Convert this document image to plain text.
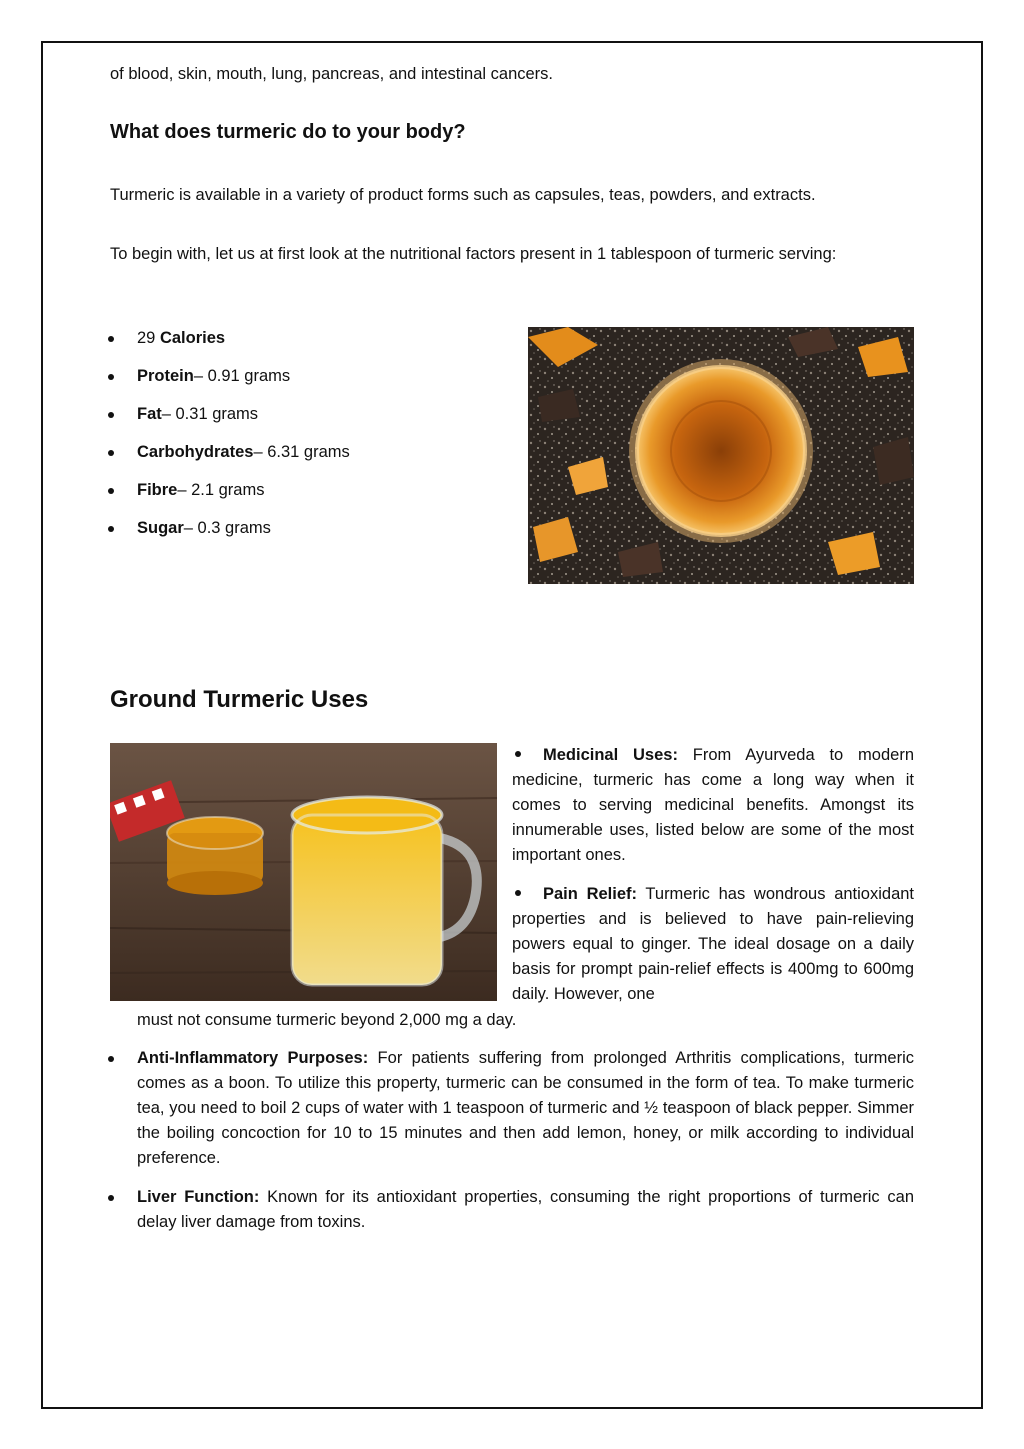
of blood, skin, mouth, lung, pancreas, and intestinal cancers.
What does turmeric do to your body?
Turmeric is available in a variety of product forms such as capsules, teas, powders, and extracts.
To begin with, let us at first look at the nutritional factors present in 1 tablespoon of turmeric serving:
29 Calories
Protein– 0.91 grams
Fat– 0.31 grams
Carbohydrates– 6.31 grams
Fibre– 2.1 grams
Sugar– 0.3 grams
Ground Turmeric Uses
Medicinal Uses: From Ayurveda to modern medicine, turmeric has come a long way when it comes to serving medicinal benefits. Amongst its innumerable uses, listed below are some of the most important ones.
Pain Relief: Turmeric has wondrous antioxidant properties and is believed to have pain-relieving powers equal to ginger. The ideal dosage on a daily basis for prompt pain-relief effects is 400mg to 600mg daily. However, one
must not consume turmeric beyond 2,000 mg a day.
Anti-Inflammatory Purposes: For patients suffering from prolonged Arthritis complications, turmeric comes as a boon. To utilize this property, turmeric can be consumed in the form of tea. To make turmeric tea, you need to boil 2 cups of water with 1 teaspoon of turmeric and ½ teaspoon of black pepper. Simmer the boiling concoction for 10 to 15 minutes and then add lemon, honey, or milk according to individual preference.
Liver Function: Known for its antioxidant properties, consuming the right proportions of turmeric can delay liver damage from toxins.
